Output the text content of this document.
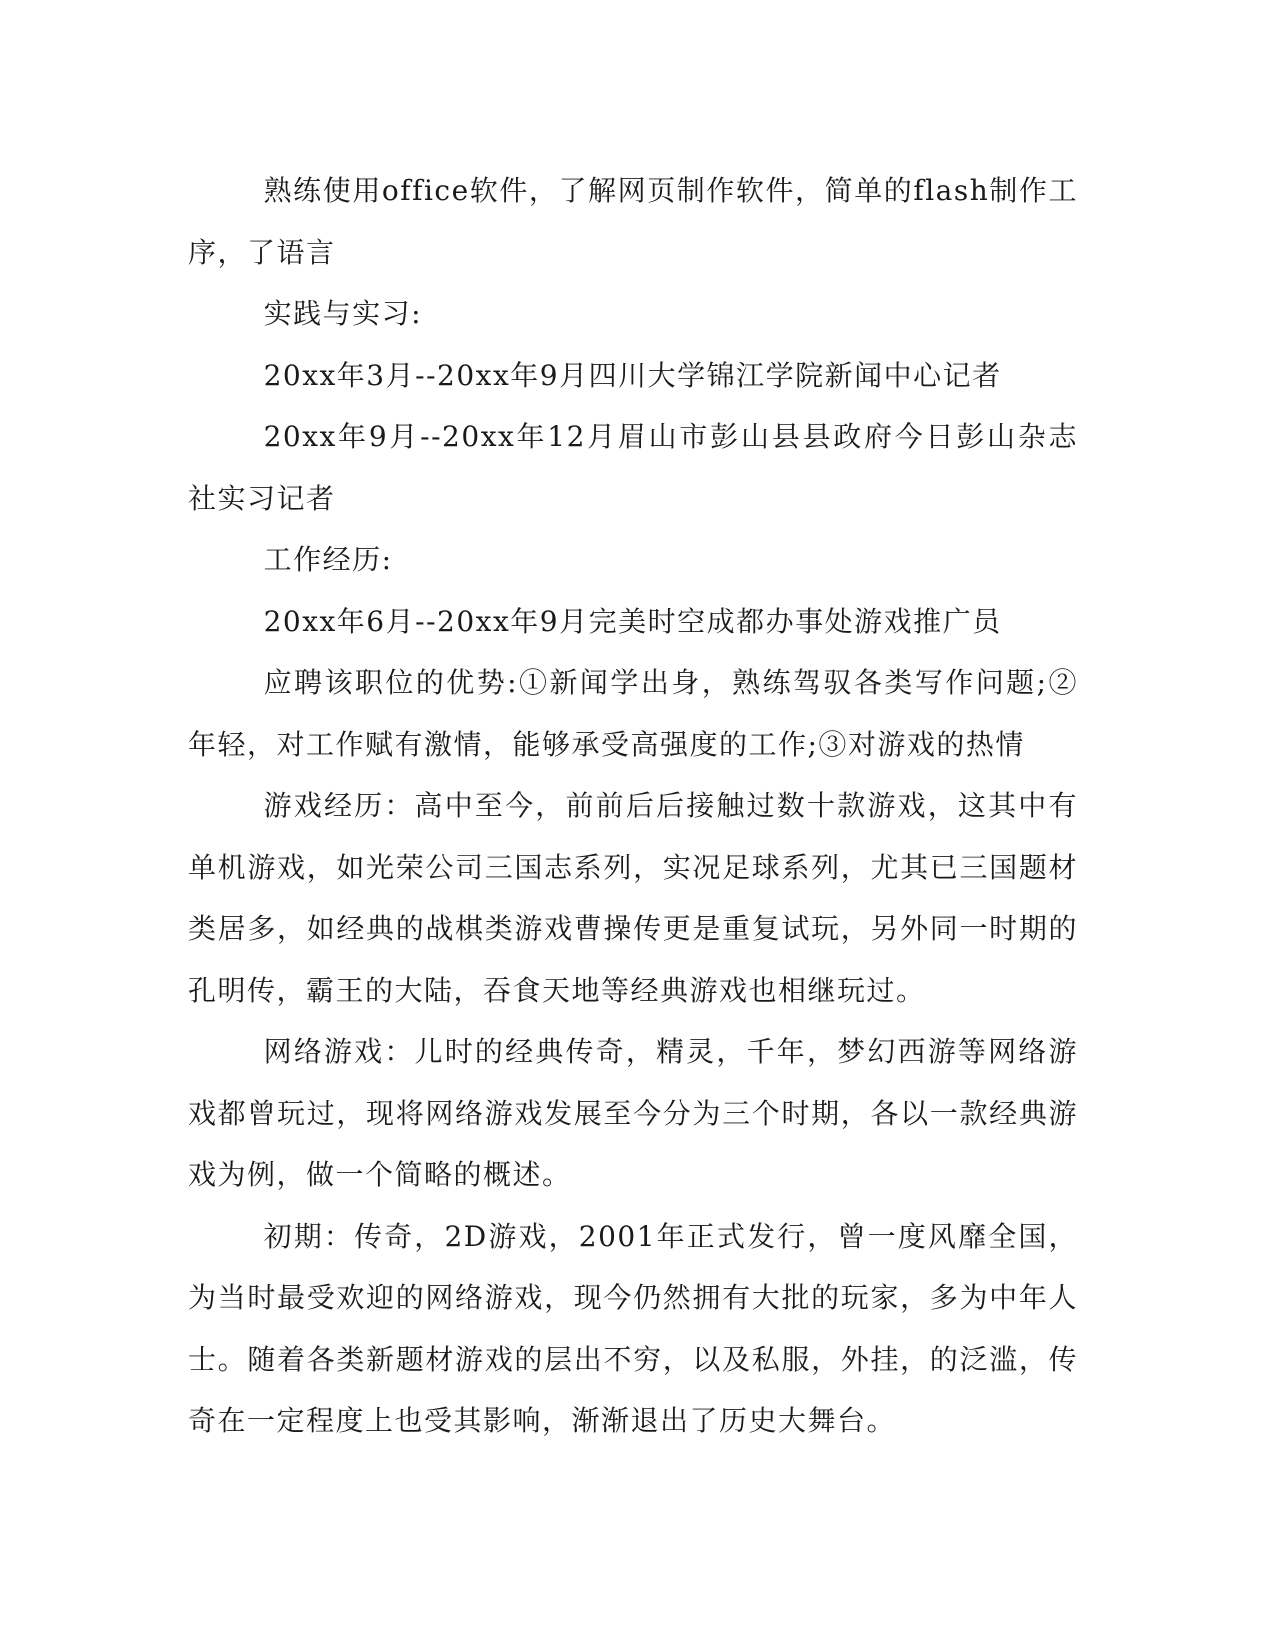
熟练使用office软件，了解网页制作软件，简单的flash制作工序，了语言

实践与实习:

20xx年3月--20xx年9月四川大学锦江学院新闻中心记者

20xx年9月--20xx年12月眉山市彭山县县政府今日彭山杂志社实习记者

工作经历:

20xx年6月--20xx年9月完美时空成都办事处游戏推广员

应聘该职位的优势:①新闻学出身，熟练驾驭各类写作问题;②年轻，对工作赋有激情，能够承受高强度的工作;③对游戏的热情

游戏经历：高中至今，前前后后接触过数十款游戏，这其中有单机游戏，如光荣公司三国志系列，实况足球系列，尤其已三国题材类居多，如经典的战棋类游戏曹操传更是重复试玩，另外同一时期的孔明传，霸王的大陆，吞食天地等经典游戏也相继玩过。

网络游戏：儿时的经典传奇，精灵，千年，梦幻西游等网络游戏都曾玩过，现将网络游戏发展至今分为三个时期，各以一款经典游戏为例，做一个简略的概述。

初期：传奇，2D游戏，2001年正式发行，曾一度风靡全国，为当时最受欢迎的网络游戏，现今仍然拥有大批的玩家，多为中年人士。随着各类新题材游戏的层出不穷，以及私服，外挂，的泛滥，传奇在一定程度上也受其影响，渐渐退出了历史大舞台。
